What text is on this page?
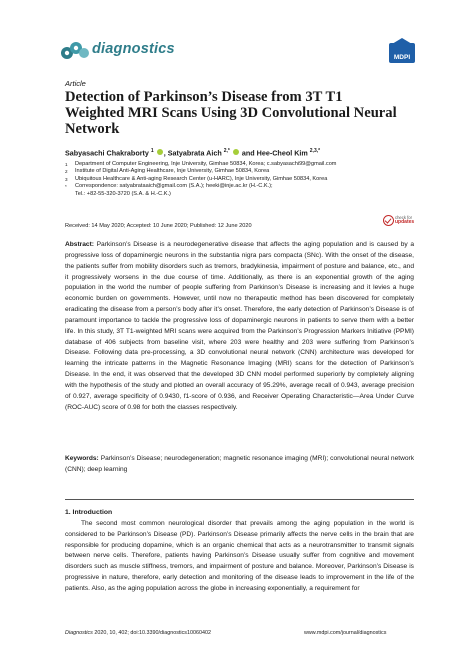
diagnostics
MDPI
Article
Detection of Parkinson’s Disease from 3T T1 Weighted MRI Scans Using 3D Convolutional Neural Network
Sabyasachi Chakraborty $^1$ , Satyabrata Aich $^{2,*}$  and Hee-Cheol Kim $^{2,3,*}$
1	Department of Computer Engineering, Inje University, Gimhae 50834, Korea; c.sabyasachi99@gmail.com
2	Institute of Digital Anti-Aging Healthcare, Inje University, Gimhae 50834, Korea
3	Ubiquitous Healthcare & Anti-aging Research Center (u-HARC), Inje University, Gimhae 50834, Korea
*	Correspondence: satyabrataaich@gmail.com (S.A.); heeki@inje.ac.kr (H.-C.K.);
Tel.: +82-55-320-3720 (S.A. & H.-C.K.)
check for
updates
Received: 14 May 2020; Accepted: 10 June 2020; Published: 12 June 2020
Abstract: Parkinson’s Disease is a neurodegenerative disease that affects the aging population and is caused by a progressive loss of dopaminergic neurons in the substantia nigra pars compacta (SNc). With the onset of the disease, the patients suffer from mobility disorders such as tremors, bradykinesia, impairment of posture and balance, etc., and it progressively worsens in the due course of time. Additionally, as there is an exponential growth of the aging population in the world the number of people suffering from Parkinson’s Disease is increasing and it levies a huge economic burden on governments. However, until now no therapeutic method has been discovered for completely eradicating the disease from a person’s body after it’s onset. Therefore, the early detection of Parkinson’s Disease is of paramount importance to tackle the progressive loss of dopaminergic neurons in patients to serve them with a better life. In this study, 3T T1-weighted MRI scans were acquired from the Parkinson’s Progression Markers Initiative (PPMI) database of 406 subjects from baseline visit, where 203 were healthy and 203 were suffering from Parkinson’s Disease. Following data pre-processing, a 3D convolutional neural network (CNN) architecture was developed for learning the intricate patterns in the Magnetic Resonance Imaging (MRI) scans for the detection of Parkinson’s Disease. In the end, it was observed that the developed 3D CNN model performed superiorly by completely aligning with the hypothesis of the study and plotted an overall accuracy of 95.29%, average recall of 0.943, average precision of 0.927, average specificity of 0.9430, f1-score of 0.936, and Receiver Operating Characteristic—Area Under Curve (ROC-AUC) score of 0.98 for both the classes respectively.
Keywords: Parkinson’s Disease; neurodegeneration; magnetic resonance imaging (MRI); convolutional neural network (CNN); deep learning
1. Introduction
The second most common neurological disorder that prevails among the aging population in the world is considered to be Parkinson’s Disease (PD). Parkinson’s Disease primarily affects the nerve cells in the brain that are responsible for producing dopamine, which is an organic chemical that acts as a neurotransmitter to transmit signals between nerve cells. Therefore, patients having Parkinson’s Disease usually suffer from cognitive and movement disorders such as muscle stiffness, tremors, and impairment of posture and balance. Moreover, Parkinson’s Disease is progressive in nature, therefore, early detection and monitoring of the disease leads to improvement in the life of the patients. Also, as the aging population across the globe in increasing exponentially, a requirement for
Diagnostics 2020, 10, 402; doi:10.3390/diagnostics10060402	www.mdpi.com/journal/diagnostics
